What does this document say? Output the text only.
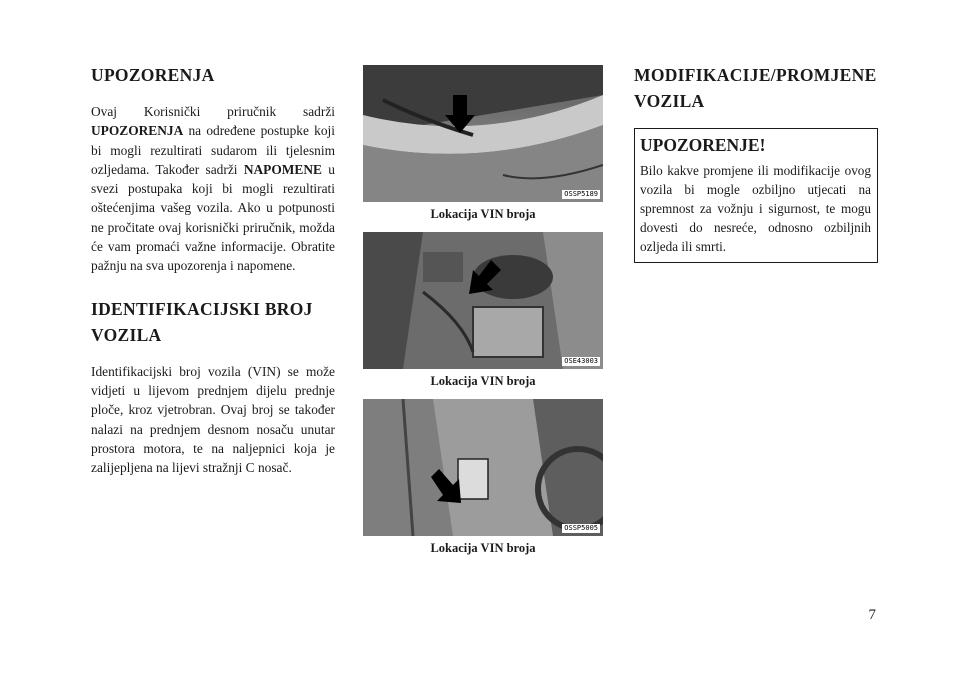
UPOZORENJA

Ovaj Korisnički priručnik sadrži UPOZORENJA na određene postupke koji bi mogli rezultirati sudarom ili tjelesnim ozljedama. Također sadrži NAPOMENE u svezi postupaka koji bi mogli rezultirati oštećenjima vašeg vozila. Ako u potpunosti ne pročitate ovaj korisnički priručnik, možda će vam promaći važne informacije. Obratite pažnju na sva upozorenja i napomene.

IDENTIFIKACIJSKI BROJ VOZILA

Identifikacijski broj vozila (VIN) se može vidjeti u lijevom prednjem dijelu prednje ploče, kroz vjetrobran. Ovaj broj se također nalazi na prednjem desnom nosaču unutar prostora motora, te na naljepnici koja je zalijepljena na lijevi stražnji C nosač.

OSSP5189

Lokacija VIN broja

OSE43003

Lokacija VIN broja

OSSP5005

Lokacija VIN broja

MODIFIKACIJE/PROMJENE VOZILA

UPOZORENJE!

Bilo kakve promjene ili modifikacije ovog vozila bi mogle ozbiljno utjecati na spremnost za vožnju i sigurnost, te mogu dovesti do nesreće, odnosno ozbiljnih ozljeda ili smrti.

7
